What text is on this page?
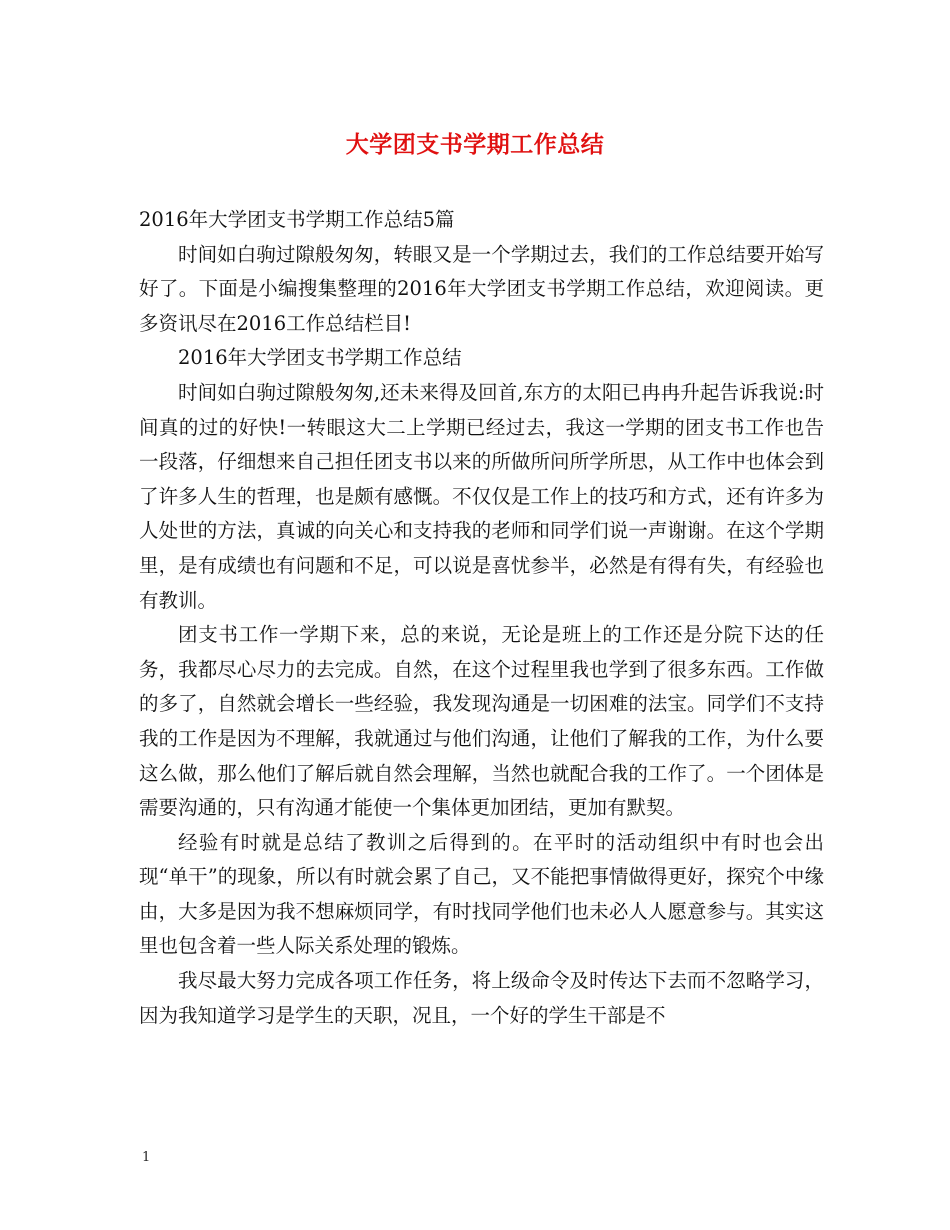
大学团支书学期工作总结

2016年大学团支书学期工作总结5篇

时间如白驹过隙般匆匆，转眼又是一个学期过去，我们的工作总结要开始写好了。下面是小编搜集整理的2016年大学团支书学期工作总结，欢迎阅读。更多资讯尽在2016工作总结栏目!

2016年大学团支书学期工作总结

时间如白驹过隙般匆匆,还未来得及回首,东方的太阳已冉冉升起告诉我说:时间真的过的好快!一转眼这大二上学期已经过去，我这一学期的团支书工作也告一段落，仔细想来自己担任团支书以来的所做所问所学所思，从工作中也体会到了许多人生的哲理，也是颇有感慨。不仅仅是工作上的技巧和方式，还有许多为人处世的方法，真诚的向关心和支持我的老师和同学们说一声谢谢。在这个学期里，是有成绩也有问题和不足，可以说是喜忧参半，必然是有得有失，有经验也有教训。

团支书工作一学期下来，总的来说，无论是班上的工作还是分院下达的任务，我都尽心尽力的去完成。自然，在这个过程里我也学到了很多东西。工作做的多了，自然就会增长一些经验，我发现沟通是一切困难的法宝。同学们不支持我的工作是因为不理解，我就通过与他们沟通，让他们了解我的工作，为什么要这么做，那么他们了解后就自然会理解，当然也就配合我的工作了。一个团体是需要沟通的，只有沟通才能使一个集体更加团结，更加有默契。

经验有时就是总结了教训之后得到的。在平时的活动组织中有时也会出现“单干”的现象，所以有时就会累了自己，又不能把事情做得更好，探究个中缘由，大多是因为我不想麻烦同学，有时找同学他们也未必人人愿意参与。其实这里也包含着一些人际关系处理的锻炼。

我尽最大努力完成各项工作任务，将上级命令及时传达下去而不忽略学习，因为我知道学习是学生的天职，况且，一个好的学生干部是不

1
